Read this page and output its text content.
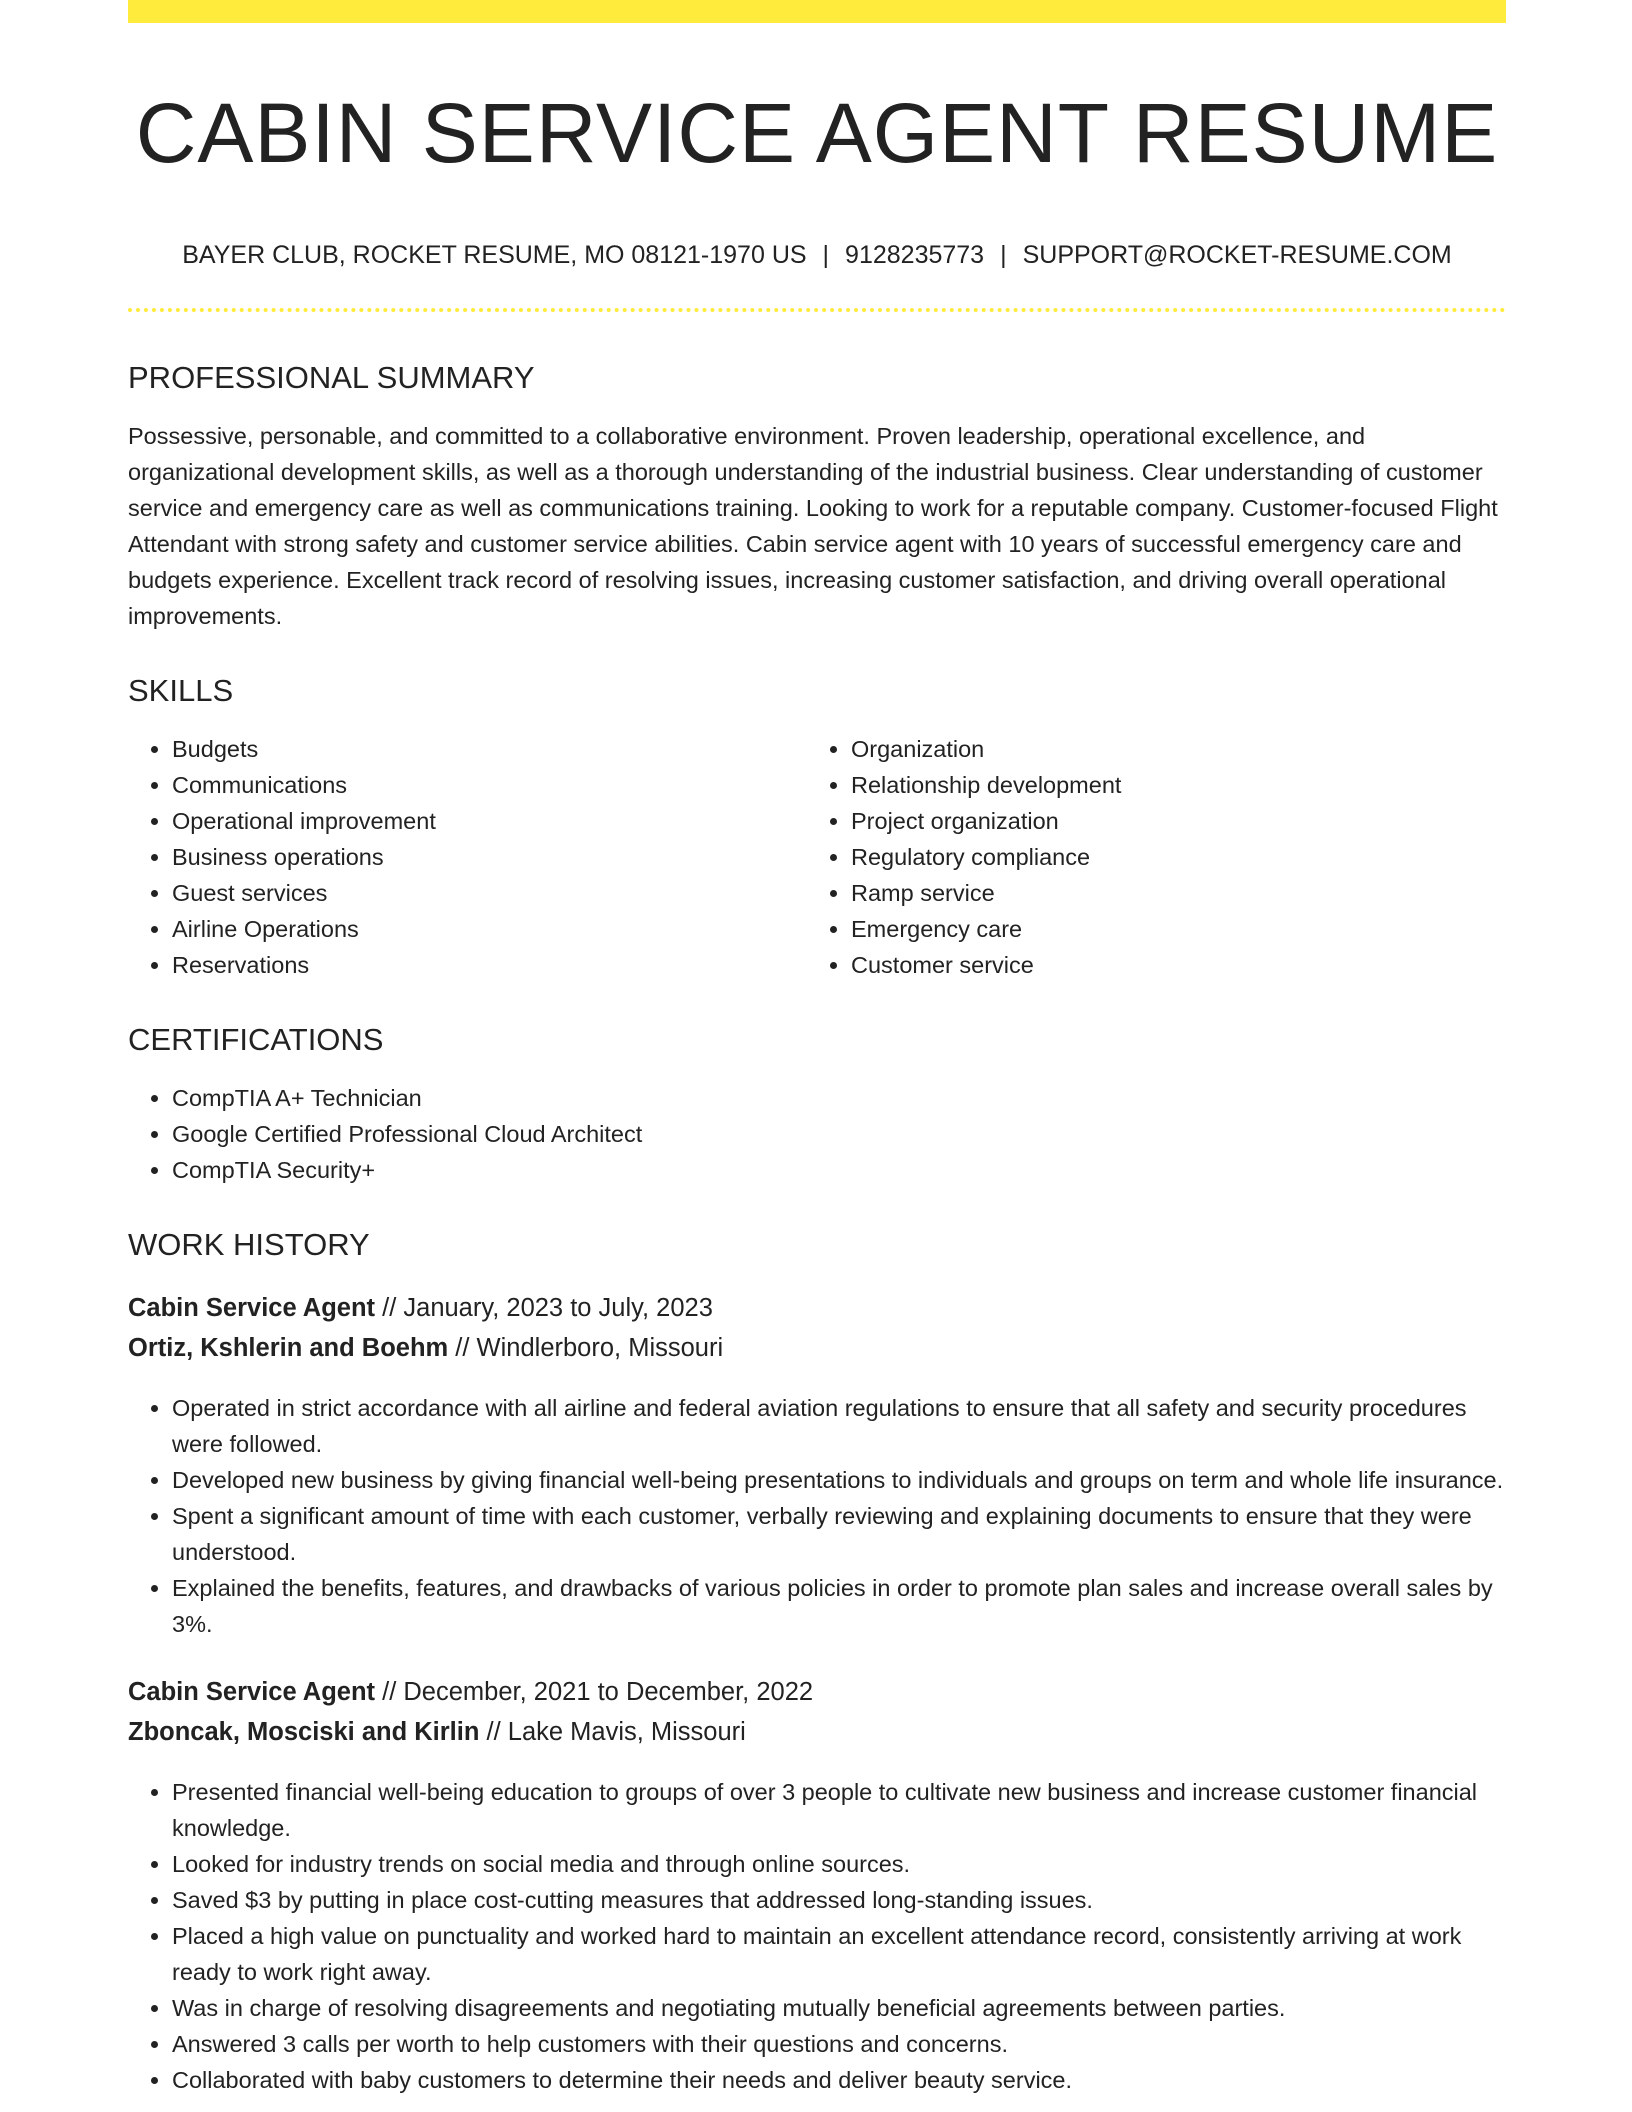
CABIN SERVICE AGENT RESUME
BAYER CLUB, ROCKET RESUME, MO 08121-1970 US | 9128235773 | SUPPORT@ROCKET-RESUME.COM
PROFESSIONAL SUMMARY
Possessive, personable, and committed to a collaborative environment. Proven leadership, operational excellence, and organizational development skills, as well as a thorough understanding of the industrial business. Clear understanding of customer service and emergency care as well as communications training. Looking to work for a reputable company. Customer-focused Flight Attendant with strong safety and customer service abilities. Cabin service agent with 10 years of successful emergency care and budgets experience. Excellent track record of resolving issues, increasing customer satisfaction, and driving overall operational improvements.
SKILLS
• Budgets
• Communications
• Operational improvement
• Business operations
• Guest services
• Airline Operations
• Reservations
• Organization
• Relationship development
• Project organization
• Regulatory compliance
• Ramp service
• Emergency care
• Customer service
CERTIFICATIONS
• CompTIA A+ Technician
• Google Certified Professional Cloud Architect
• CompTIA Security+
WORK HISTORY
Cabin Service Agent // January, 2023 to July, 2023
Ortiz, Kshlerin and Boehm // Windlerboro, Missouri
• Operated in strict accordance with all airline and federal aviation regulations to ensure that all safety and security procedures were followed.
• Developed new business by giving financial well-being presentations to individuals and groups on term and whole life insurance.
• Spent a significant amount of time with each customer, verbally reviewing and explaining documents to ensure that they were understood.
• Explained the benefits, features, and drawbacks of various policies in order to promote plan sales and increase overall sales by 3%.
Cabin Service Agent // December, 2021 to December, 2022
Zboncak, Mosciski and Kirlin // Lake Mavis, Missouri
• Presented financial well-being education to groups of over 3 people to cultivate new business and increase customer financial knowledge.
• Looked for industry trends on social media and through online sources.
• Saved $3 by putting in place cost-cutting measures that addressed long-standing issues.
• Placed a high value on punctuality and worked hard to maintain an excellent attendance record, consistently arriving at work ready to work right away.
• Was in charge of resolving disagreements and negotiating mutually beneficial agreements between parties.
• Answered 3 calls per worth to help customers with their questions and concerns.
• Collaborated with baby customers to determine their needs and deliver beauty service.
